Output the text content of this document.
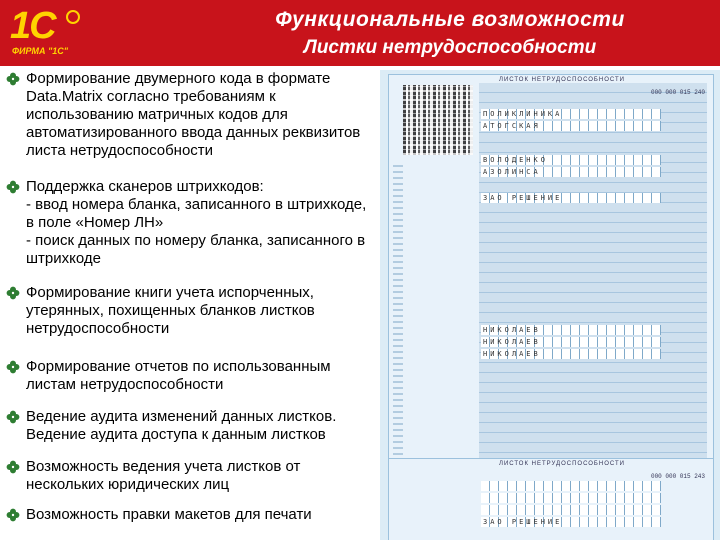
1С
ФИРМА "1С"
Функциональные возможности
Листки нетрудоспособности
ЛИСТОК НЕТРУДОСПОСОБНОСТИ
000 000 015 240
ПОЛИКЛИНИКА
АТОГСКАЯ
ВОЛОДЕНКО
АЗОЛИНСА
ЗАО РЕШЕНИЕ
НИКОЛАЕВ
НИКОЛАЕВ
НИКОЛАЕВ
ЛИСТОК НЕТРУДОСПОСОБНОСТИ
000 000 015 243
ЗАО РЕШЕНИЕ
Формирование двумерного кода в формате
Data.Matrix согласно требованиям к
использованию матричных кодов для
автоматизированного ввода данных реквизитов
листа нетрудоспособности
Поддержка сканеров штрихкодов:
- ввод номера бланка, записанного в штрихкоде,
в поле «Номер ЛН»
- поиск данных по номеру бланка, записанного в
штрихкоде
Формирование книги учета испорченных,
утерянных, похищенных бланков листков
нетрудоспособности
Формирование отчетов по использованным
листам нетрудоспособности
Ведение аудита изменений данных листков.
Ведение аудита доступа к данным листков
Возможность ведения учета листков от
нескольких юридических лиц
Возможность правки макетов для печати
